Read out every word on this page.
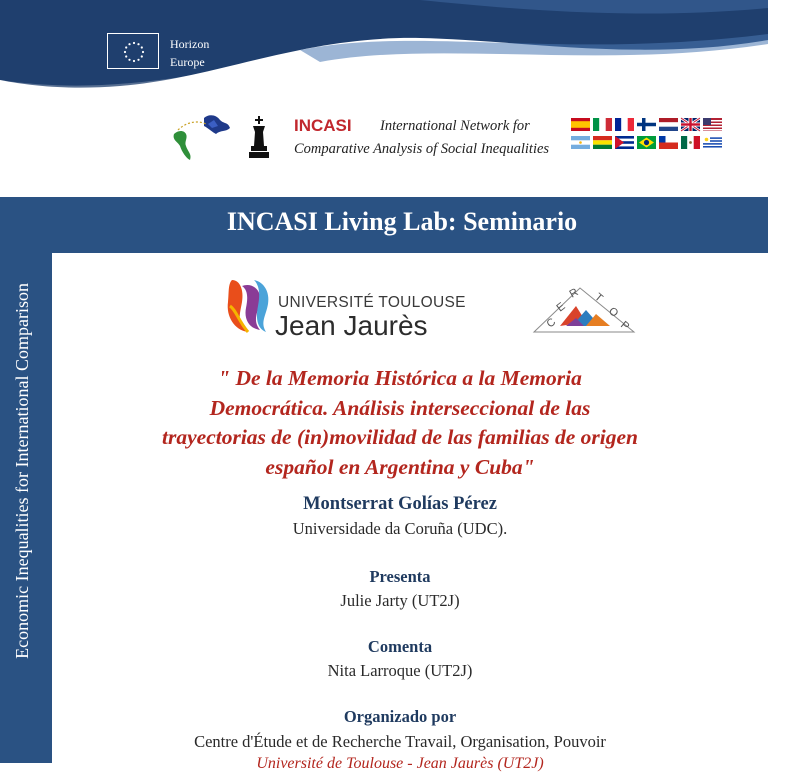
Horizon
Europe
INCASI International Network for
Comparative Analysis of Social Inequalities
INCASI Living Lab: Seminario
Economic Inequalities for International Comparison	UNIVERSITÉ TOULOUSE
Jean Jaurès	C
E
R T
O
P
" De la Memoria Histórica a la Memoria
Democrática. Análisis interseccional de las
trayectorias de (in)movilidad de las familias de origen
español en Argentina y Cuba"
Montserrat Golías Pérez
Universidade da Coruña (UDC).
Presenta
Julie Jarty (UT2J)
Comenta
Nita Larroque (UT2J)
Organizado por
Centre d'Étude et de Recherche Travail, Organisation, Pouvoir
Université de Toulouse - Jean Jaurès (UT2J)
